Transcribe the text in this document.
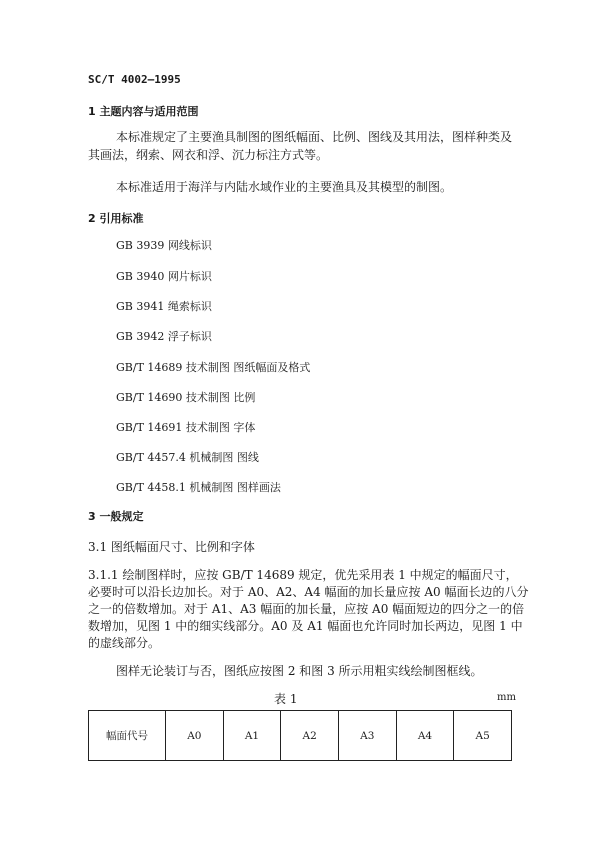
SC/T 4002—1995
1 主题内容与适用范围
本标准规定了主要渔具制图的图纸幅面、比例、图线及其用法，图样种类及
其画法，纲索、网衣和浮、沉力标注方式等。
本标准适用于海洋与内陆水域作业的主要渔具及其模型的制图。
2 引用标准
GB 3939 网线标识
GB 3940 网片标识
GB 3941 绳索标识
GB 3942 浮子标识
GB/T 14689 技术制图 图纸幅面及格式
GB/T 14690 技术制图 比例
GB/T 14691 技术制图 字体
GB/T 4457.4 机械制图 图线
GB/T 4458.1 机械制图 图样画法
3 一般规定
3.1 图纸幅面尺寸、比例和字体
3.1.1 绘制图样时，应按 GB/T 14689 规定，优先采用表 1 中规定的幅面尺寸，
必要时可以沿长边加长。对于 A0、A2、A4 幅面的加长量应按 A0 幅面长边的八分
之一的倍数增加。对于 A1、A3 幅面的加长量，应按 A0 幅面短边的四分之一的倍
数增加，见图 1 中的细实线部分。A0 及 A1 幅面也允许同时加长两边，见图 1 中
的虚线部分。
图样无论装订与否，图纸应按图 2 和图 3 所示用粗实线绘制图框线。
表 1	mm
幅面代号	A0	A1	A2	A3	A4	A5
